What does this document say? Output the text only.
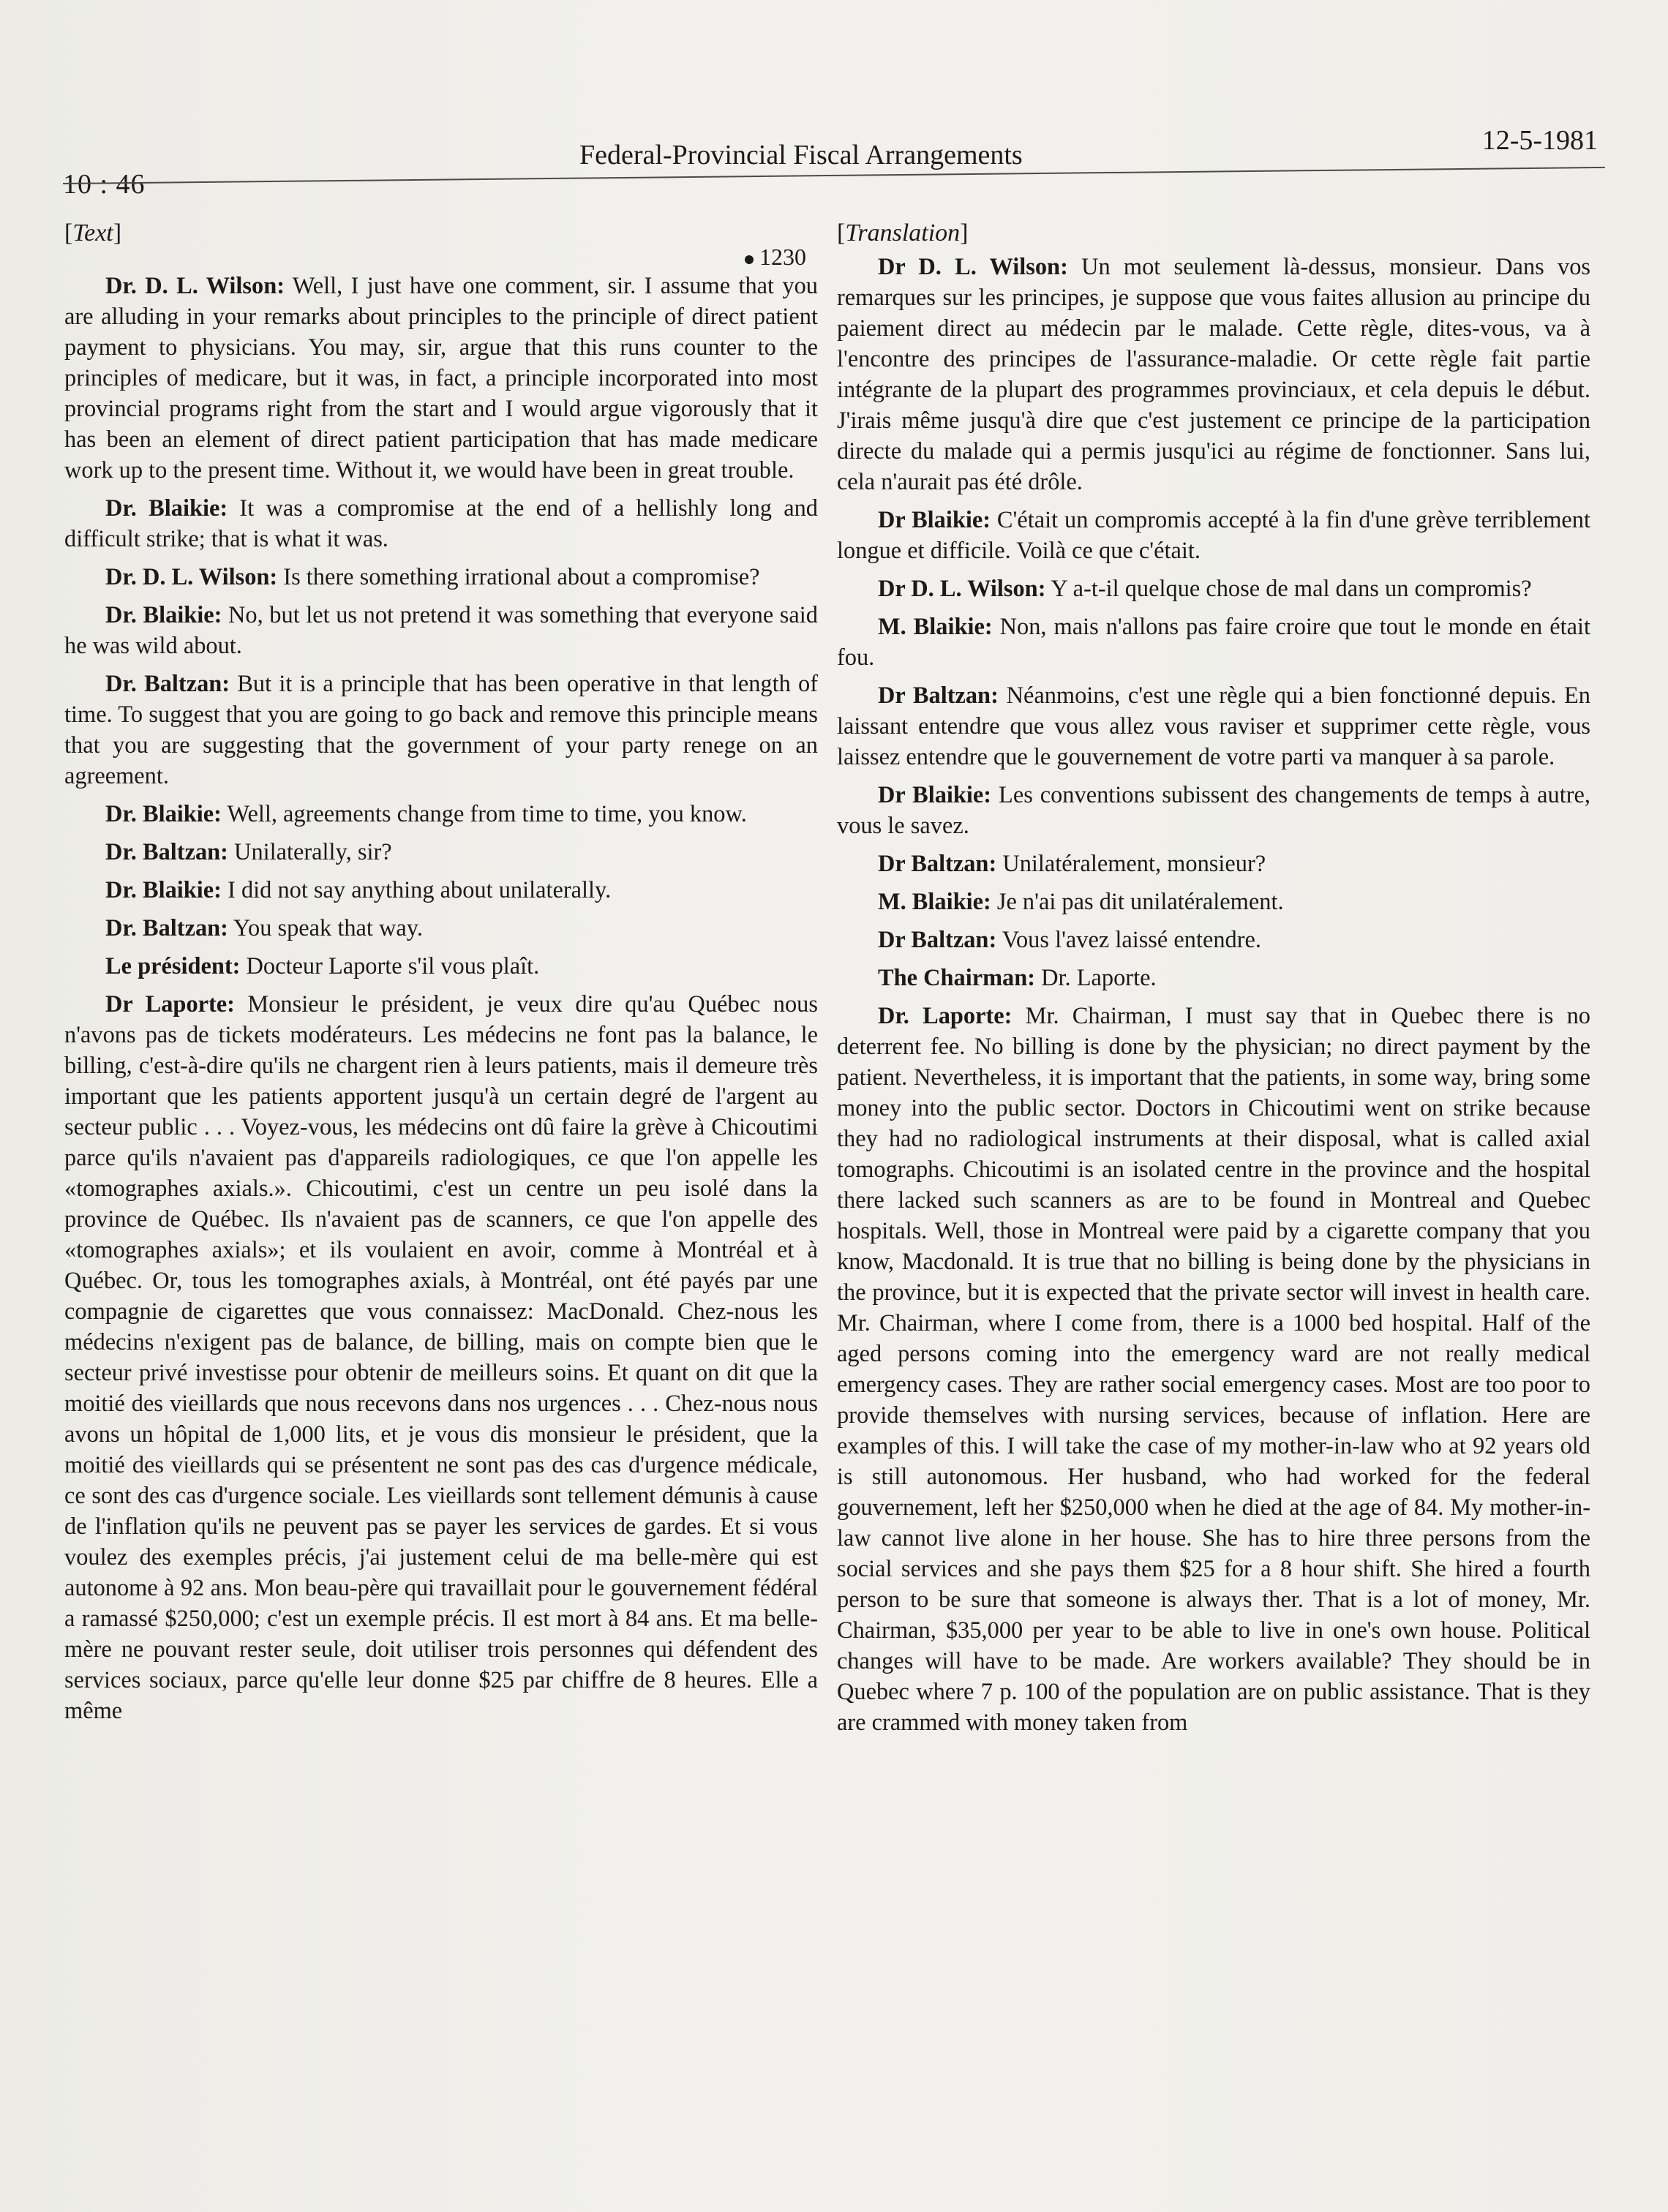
10 : 46
Federal-Provincial Fiscal Arrangements	12-5-1981
[Text]
1230

Dr. D. L. Wilson: Well, I just have one comment, sir. I assume that you are alluding in your remarks about principles to the principle of direct patient payment to physicians. You may, sir, argue that this runs counter to the principles of medicare, but it was, in fact, a principle incorporated into most provincial programs right from the start and I would argue vigorously that it has been an element of direct patient participation that has made medicare work up to the present time. Without it, we would have been in great trouble.

Dr. Blaikie: It was a compromise at the end of a hellishly long and difficult strike; that is what it was.

Dr. D. L. Wilson: Is there something irrational about a compromise?

Dr. Blaikie: No, but let us not pretend it was something that everyone said he was wild about.

Dr. Baltzan: But it is a principle that has been operative in that length of time. To suggest that you are going to go back and remove this principle means that you are suggesting that the government of your party renege on an agreement.

Dr. Blaikie: Well, agreements change from time to time, you know.

Dr. Baltzan: Unilaterally, sir?

Dr. Blaikie: I did not say anything about unilaterally.

Dr. Baltzan: You speak that way.

Le président: Docteur Laporte s'il vous plaît.

Dr Laporte: Monsieur le président, je veux dire qu'au Québec nous n'avons pas de tickets modérateurs. Les médecins ne font pas la balance, le billing, c'est-à-dire qu'ils ne chargent rien à leurs patients, mais il demeure très important que les patients apportent jusqu'à un certain degré de l'argent au secteur public . . . Voyez-vous, les médecins ont dû faire la grève à Chicoutimi parce qu'ils n'avaient pas d'appareils radiologiques, ce que l'on appelle les «tomographes axials.». Chicoutimi, c'est un centre un peu isolé dans la province de Québec. Ils n'avaient pas de scanners, ce que l'on appelle des «tomographes axials»; et ils voulaient en avoir, comme à Montréal et à Québec. Or, tous les tomographes axials, à Montréal, ont été payés par une compagnie de cigarettes que vous connaissez: MacDonald. Chez-nous les médecins n'exigent pas de balance, de billing, mais on compte bien que le secteur privé investisse pour obtenir de meilleurs soins. Et quant on dit que la moitié des vieillards que nous recevons dans nos urgences . . . Chez-nous nous avons un hôpital de 1,000 lits, et je vous dis monsieur le président, que la moitié des vieillards qui se présentent ne sont pas des cas d'urgence médicale, ce sont des cas d'urgence sociale. Les vieillards sont tellement démunis à cause de l'inflation qu'ils ne peuvent pas se payer les services de gardes. Et si vous voulez des exemples précis, j'ai justement celui de ma belle-mère qui est autonome à 92 ans. Mon beau-père qui travaillait pour le gouvernement fédéral a ramassé $250,000; c'est un exemple précis. Il est mort à 84 ans. Et ma belle-mère ne pouvant rester seule, doit utiliser trois personnes qui défendent des services sociaux, parce qu'elle leur donne $25 par chiffre de 8 heures. Elle a même

[Translation]

Dr D. L. Wilson: Un mot seulement là-dessus, monsieur. Dans vos remarques sur les principes, je suppose que vous faites allusion au principe du paiement direct au médecin par le malade. Cette règle, dites-vous, va à l'encontre des principes de l'assurance-maladie. Or cette règle fait partie intégrante de la plupart des programmes provinciaux, et cela depuis le début. J'irais même jusqu'à dire que c'est justement ce principe de la participation directe du malade qui a permis jusqu'ici au régime de fonctionner. Sans lui, cela n'aurait pas été drôle.

Dr Blaikie: C'était un compromis accepté à la fin d'une grève terriblement longue et difficile. Voilà ce que c'était.

Dr D. L. Wilson: Y a-t-il quelque chose de mal dans un compromis?

M. Blaikie: Non, mais n'allons pas faire croire que tout le monde en était fou.

Dr Baltzan: Néanmoins, c'est une règle qui a bien fonctionné depuis. En laissant entendre que vous allez vous raviser et supprimer cette règle, vous laissez entendre que le gouvernement de votre parti va manquer à sa parole.

Dr Blaikie: Les conventions subissent des changements de temps à autre, vous le savez.

Dr Baltzan: Unilatéralement, monsieur?

M. Blaikie: Je n'ai pas dit unilatéralement.

Dr Baltzan: Vous l'avez laissé entendre.

The Chairman: Dr. Laporte.

Dr. Laporte: Mr. Chairman, I must say that in Quebec there is no deterrent fee. No billing is done by the physician; no direct payment by the patient. Nevertheless, it is important that the patients, in some way, bring some money into the public sector. Doctors in Chicoutimi went on strike because they had no radiological instruments at their disposal, what is called axial tomographs. Chicoutimi is an isolated centre in the province and the hospital there lacked such scanners as are to be found in Montreal and Quebec hospitals. Well, those in Montreal were paid by a cigarette company that you know, Macdonald. It is true that no billing is being done by the physicians in the province, but it is expected that the private sector will invest in health care. Mr. Chairman, where I come from, there is a 1000 bed hospital. Half of the aged persons coming into the emergency ward are not really medical emergency cases. They are rather social emergency cases. Most are too poor to provide themselves with nursing services, because of inflation. Here are examples of this. I will take the case of my mother-in-law who at 92 years old is still autonomous. Her husband, who had worked for the federal gouvernement, left her $250,000 when he died at the age of 84. My mother-in-law cannot live alone in her house. She has to hire three persons from the social services and she pays them $25 for a 8 hour shift. She hired a fourth person to be sure that someone is always ther. That is a lot of money, Mr. Chairman, $35,000 per year to be able to live in one's own house. Political changes will have to be made. Are workers available? They should be in Quebec where 7 p. 100 of the population are on public assistance. That is they are crammed with money taken from
